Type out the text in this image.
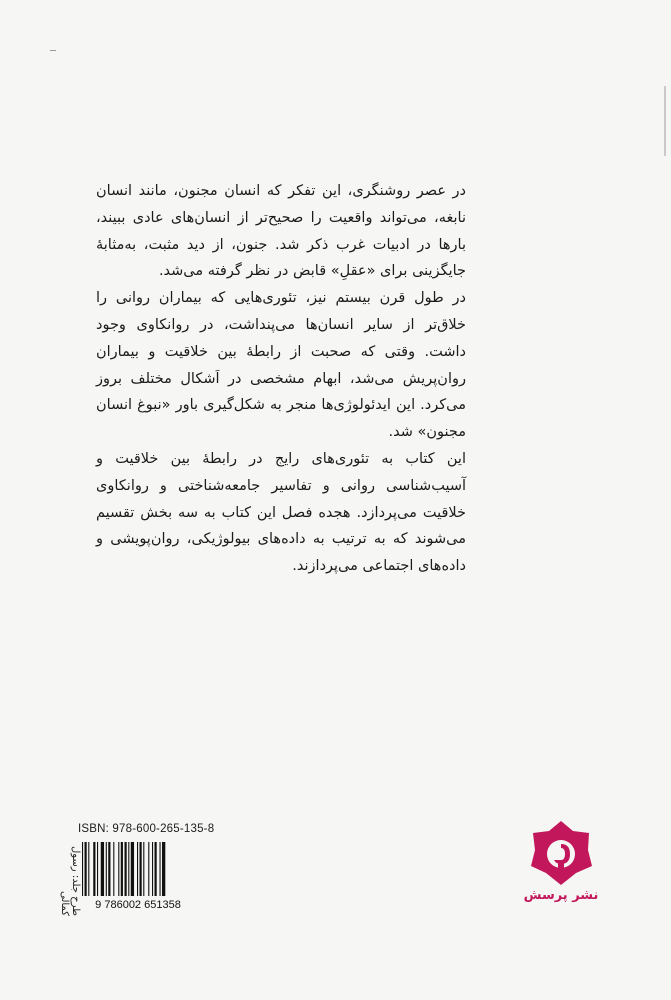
در عصر روشنگری، این تفکر که انسان مجنون، مانند انسان نابغه، می‌تواند واقعیت را صحیح‌تر از انسان‌های عادی ببیند، بارها در ادبیات غرب ذکر شد. جنون، از دید مثبت، به‌مثابهٔ جایگزینی برای «عقلِ» قابض در نظر گرفته می‌شد.

در طول قرن بیستم نیز، تئوری‌هایی که بیماران روانی را خلاق‌تر از سایر انسان‌ها می‌پنداشت، در روانکاوی وجود داشت. وقتی که صحبت از رابطهٔ بین خلاقیت و بیماران روان‌پریش می‌شد، ابهام مشخصی در اَشکال مختلف بروز می‌کرد. این ایدئولوژی‌ها منجر به شکل‌گیری باور «نبوغ انسان مجنون» شد.

این کتاب به تئوری‌های رایج در رابطهٔ بین خلاقیت و آسیب‌شناسی روانی و تفاسیر جامعه‌شناختی و روانکاوی خلاقیت می‌پردازد. هجده فصل این کتاب به سه بخش تقسیم می‌شوند که به ترتیب به داده‌های بیولوژیکی، روان‌پویشی و داده‌های اجتماعی می‌پردازند.

طرح جلد: رسول کمالی
ISBN: 978-600-265-135-8
9 786002 651358
نشر پرسش
